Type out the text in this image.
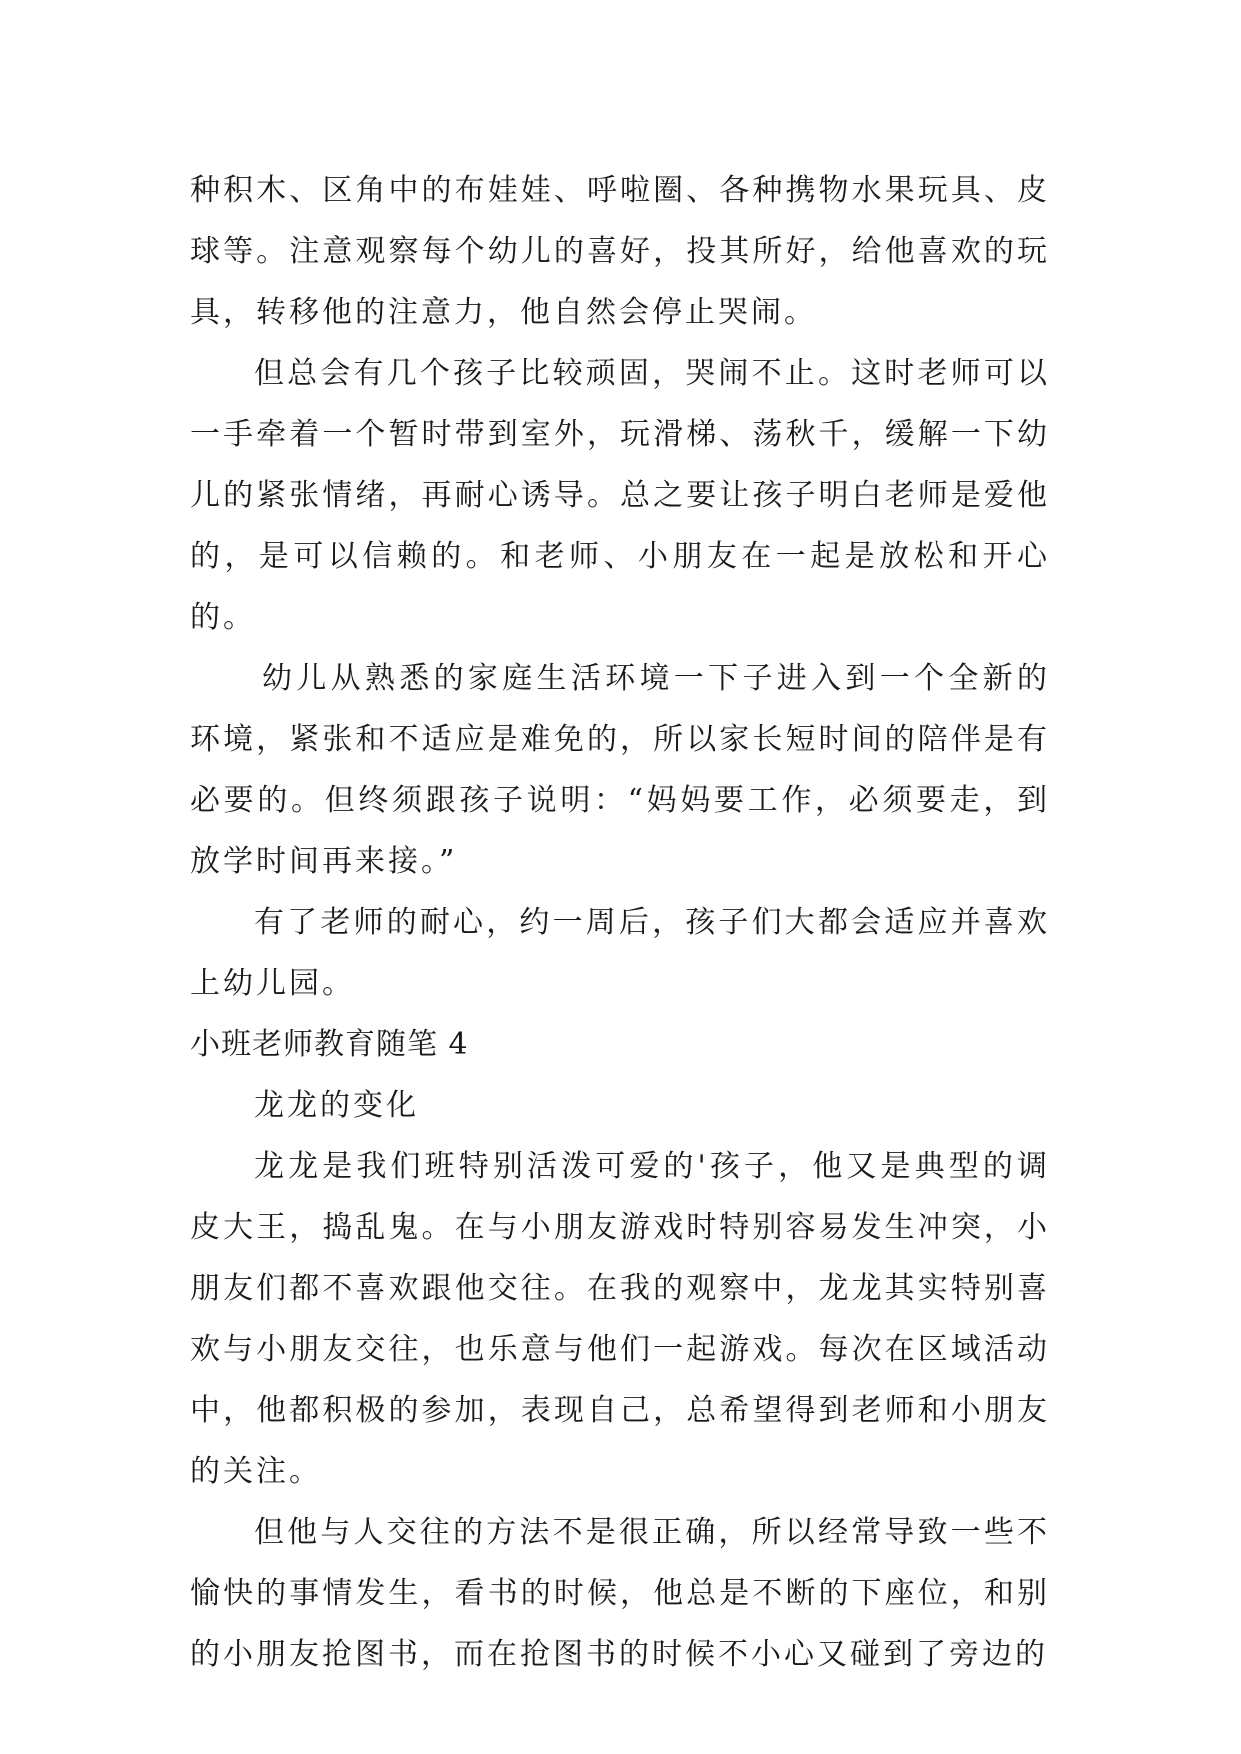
种积木、区角中的布娃娃、呼啦圈、各种携物水果玩具、皮球等。注意观察每个幼儿的喜好，投其所好，给他喜欢的玩具，转移他的注意力，他自然会停止哭闹。

但总会有几个孩子比较顽固，哭闹不止。这时老师可以一手牵着一个暂时带到室外，玩滑梯、荡秋千，缓解一下幼儿的紧张情绪，再耐心诱导。总之要让孩子明白老师是爱他的，是可以信赖的。和老师、小朋友在一起是放松和开心的。

幼儿从熟悉的家庭生活环境一下子进入到一个全新的环境，紧张和不适应是难免的，所以家长短时间的陪伴是有必要的。但终须跟孩子说明：“妈妈要工作，必须要走，到放学时间再来接。”

有了老师的耐心，约一周后，孩子们大都会适应并喜欢上幼儿园。

小班老师教育随笔 4

龙龙的变化

龙龙是我们班特别活泼可爱的'孩子，他又是典型的调皮大王，捣乱鬼。在与小朋友游戏时特别容易发生冲突，小朋友们都不喜欢跟他交往。在我的观察中，龙龙其实特别喜欢与小朋友交往，也乐意与他们一起游戏。每次在区域活动中，他都积极的参加，表现自己，总希望得到老师和小朋友的关注。

但他与人交往的方法不是很正确，所以经常导致一些不愉快的事情发生，看书的时候，他总是不断的下座位，和别的小朋友抢图书，而在抢图书的时候不小心又碰到了旁边的
